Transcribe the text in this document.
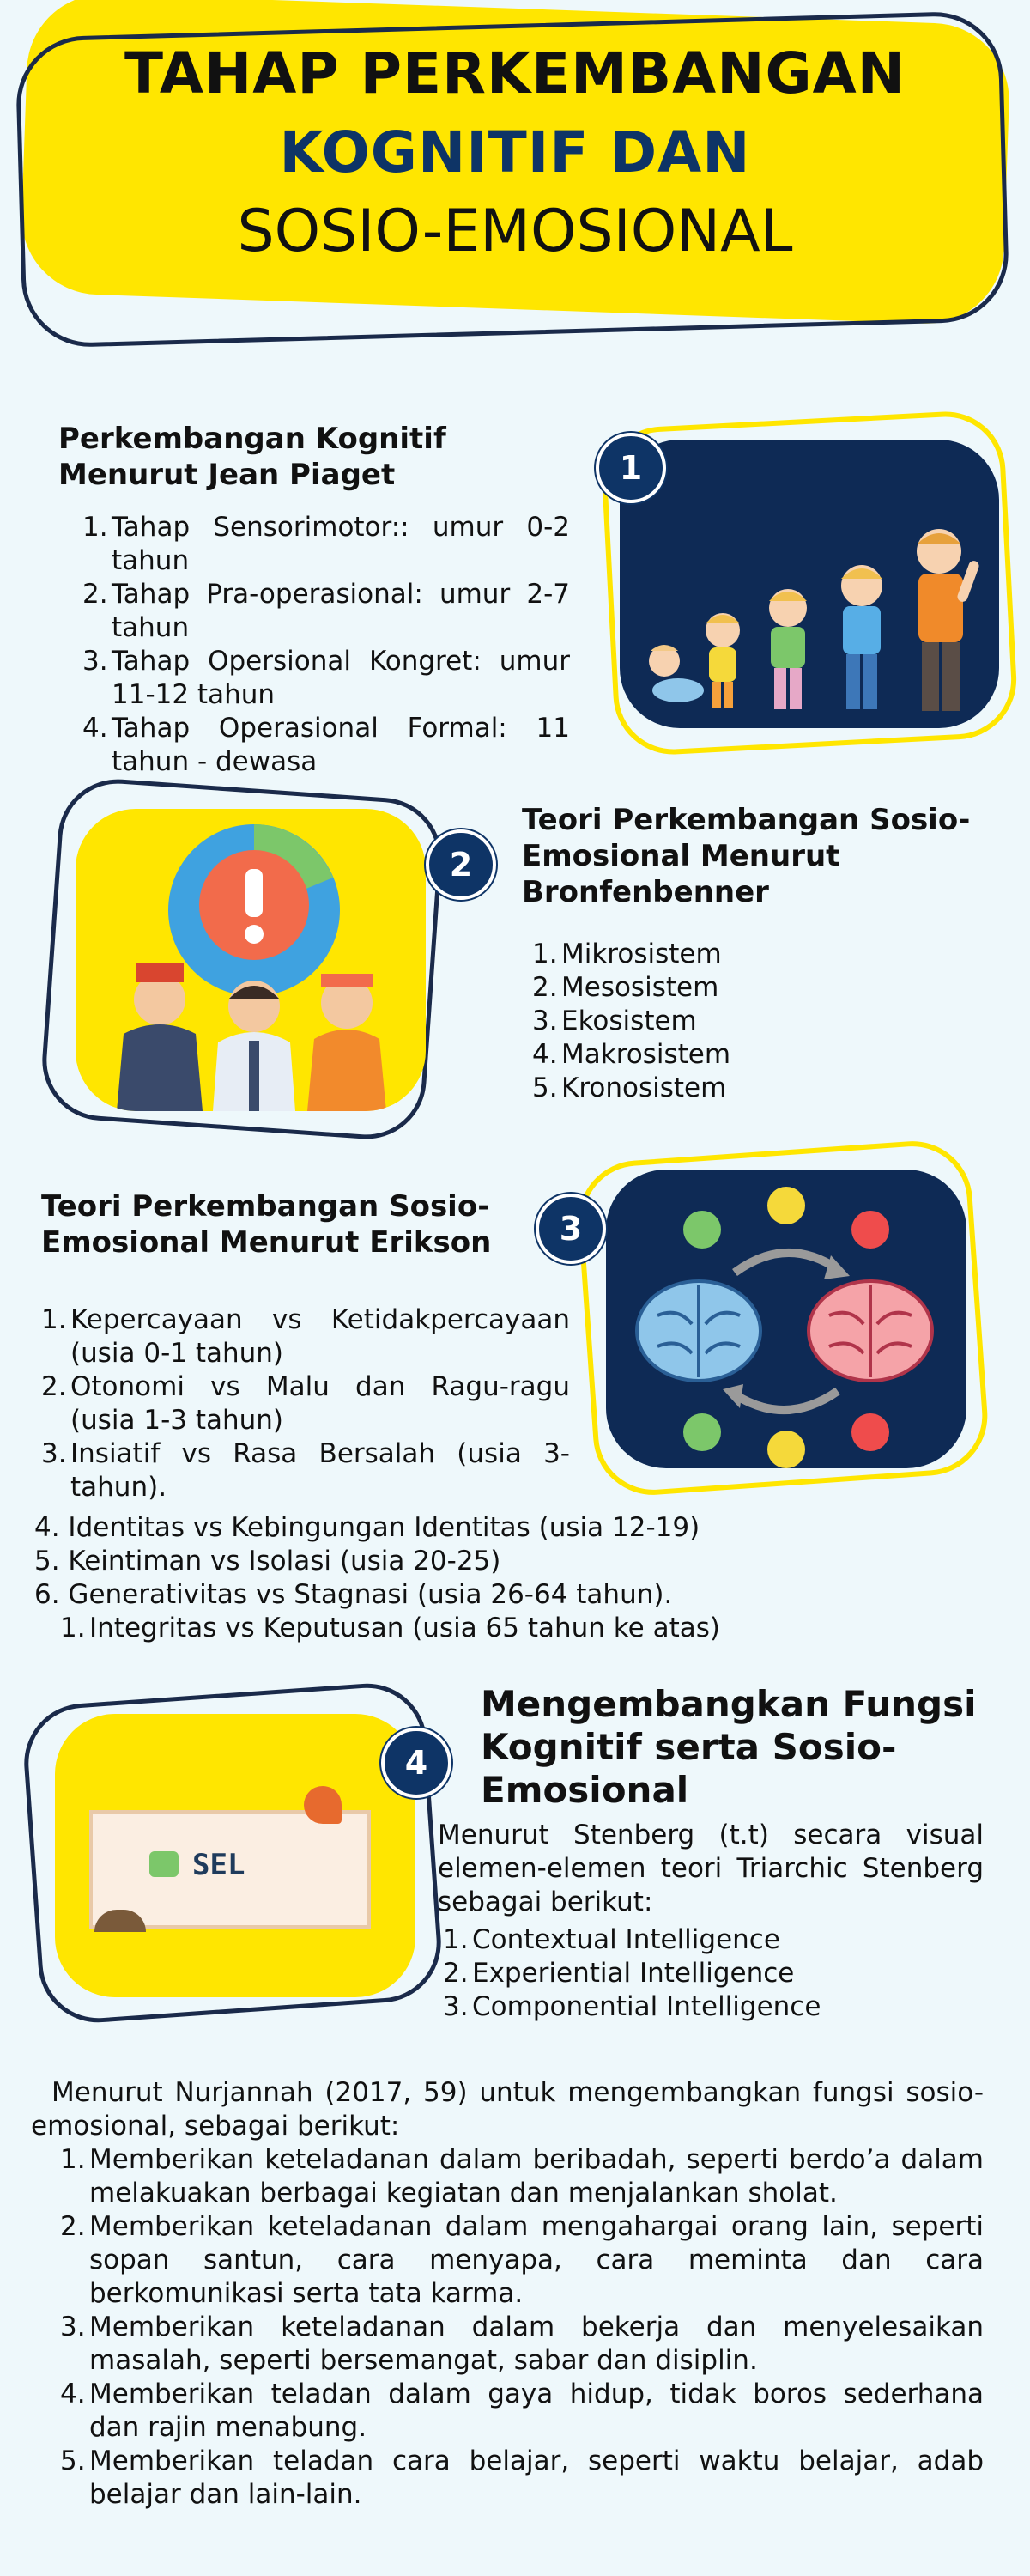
TAHAP PERKEMBANGAN
KOGNITIF DAN
SOSIO-EMOSIONAL
Perkembangan Kognitif Menurut Jean Piaget
1. Tahap Sensorimotor:: umur 0-2 tahun
2. Tahap Pra-operasional: umur 2-7 tahun
3. Tahap Opersional Kongret: umur 11-12 tahun
4. Tahap Operasional Formal: 11 tahun - dewasa
1
2
Teori Perkembangan Sosio-Emosional Menurut Bronfenbenner
1. Mikrosistem
2. Mesosistem
3. Ekosistem
4. Makrosistem
5. Kronosistem
Teori Perkembangan Sosio-Emosional Menurut Erikson
1. Kepercayaan vs Ketidakpercayaan (usia 0-1 tahun)
2. Otonomi vs Malu dan Ragu-ragu (usia 1-3 tahun)
3. Insiatif vs Rasa Bersalah (usia 3-tahun).
4. Identitas vs Kebingungan Identitas (usia 12-19)
5. Keintiman vs Isolasi (usia 20-25)
6. Generativitas vs Stagnasi (usia 26-64 tahun).
1. Integritas vs Keputusan (usia 65 tahun ke atas)
3
SEL
4
Mengembangkan Fungsi Kognitif serta Sosio-Emosional
Menurut Stenberg (t.t) secara visual elemen-elemen teori Triarchic Stenberg sebagai berikut:
1. Contextual Intelligence
2. Experiential Intelligence
3. Componential Intelligence
Menurut Nurjannah (2017, 59) untuk mengembangkan fungsi sosio-emosional, sebagai berikut:
1. Memberikan keteladanan dalam beribadah, seperti berdo’a dalam melakuakan berbagai kegiatan dan menjalankan sholat.
2. Memberikan keteladanan dalam mengahargai orang lain, seperti sopan santun, cara menyapa, cara meminta dan cara berkomunikasi serta tata karma.
3. Memberikan keteladanan dalam bekerja dan menyelesaikan masalah, seperti bersemangat, sabar dan disiplin.
4. Memberikan teladan dalam gaya hidup, tidak boros sederhana dan rajin menabung.
5. Memberikan teladan cara belajar, seperti waktu belajar, adab belajar dan lain-lain.
